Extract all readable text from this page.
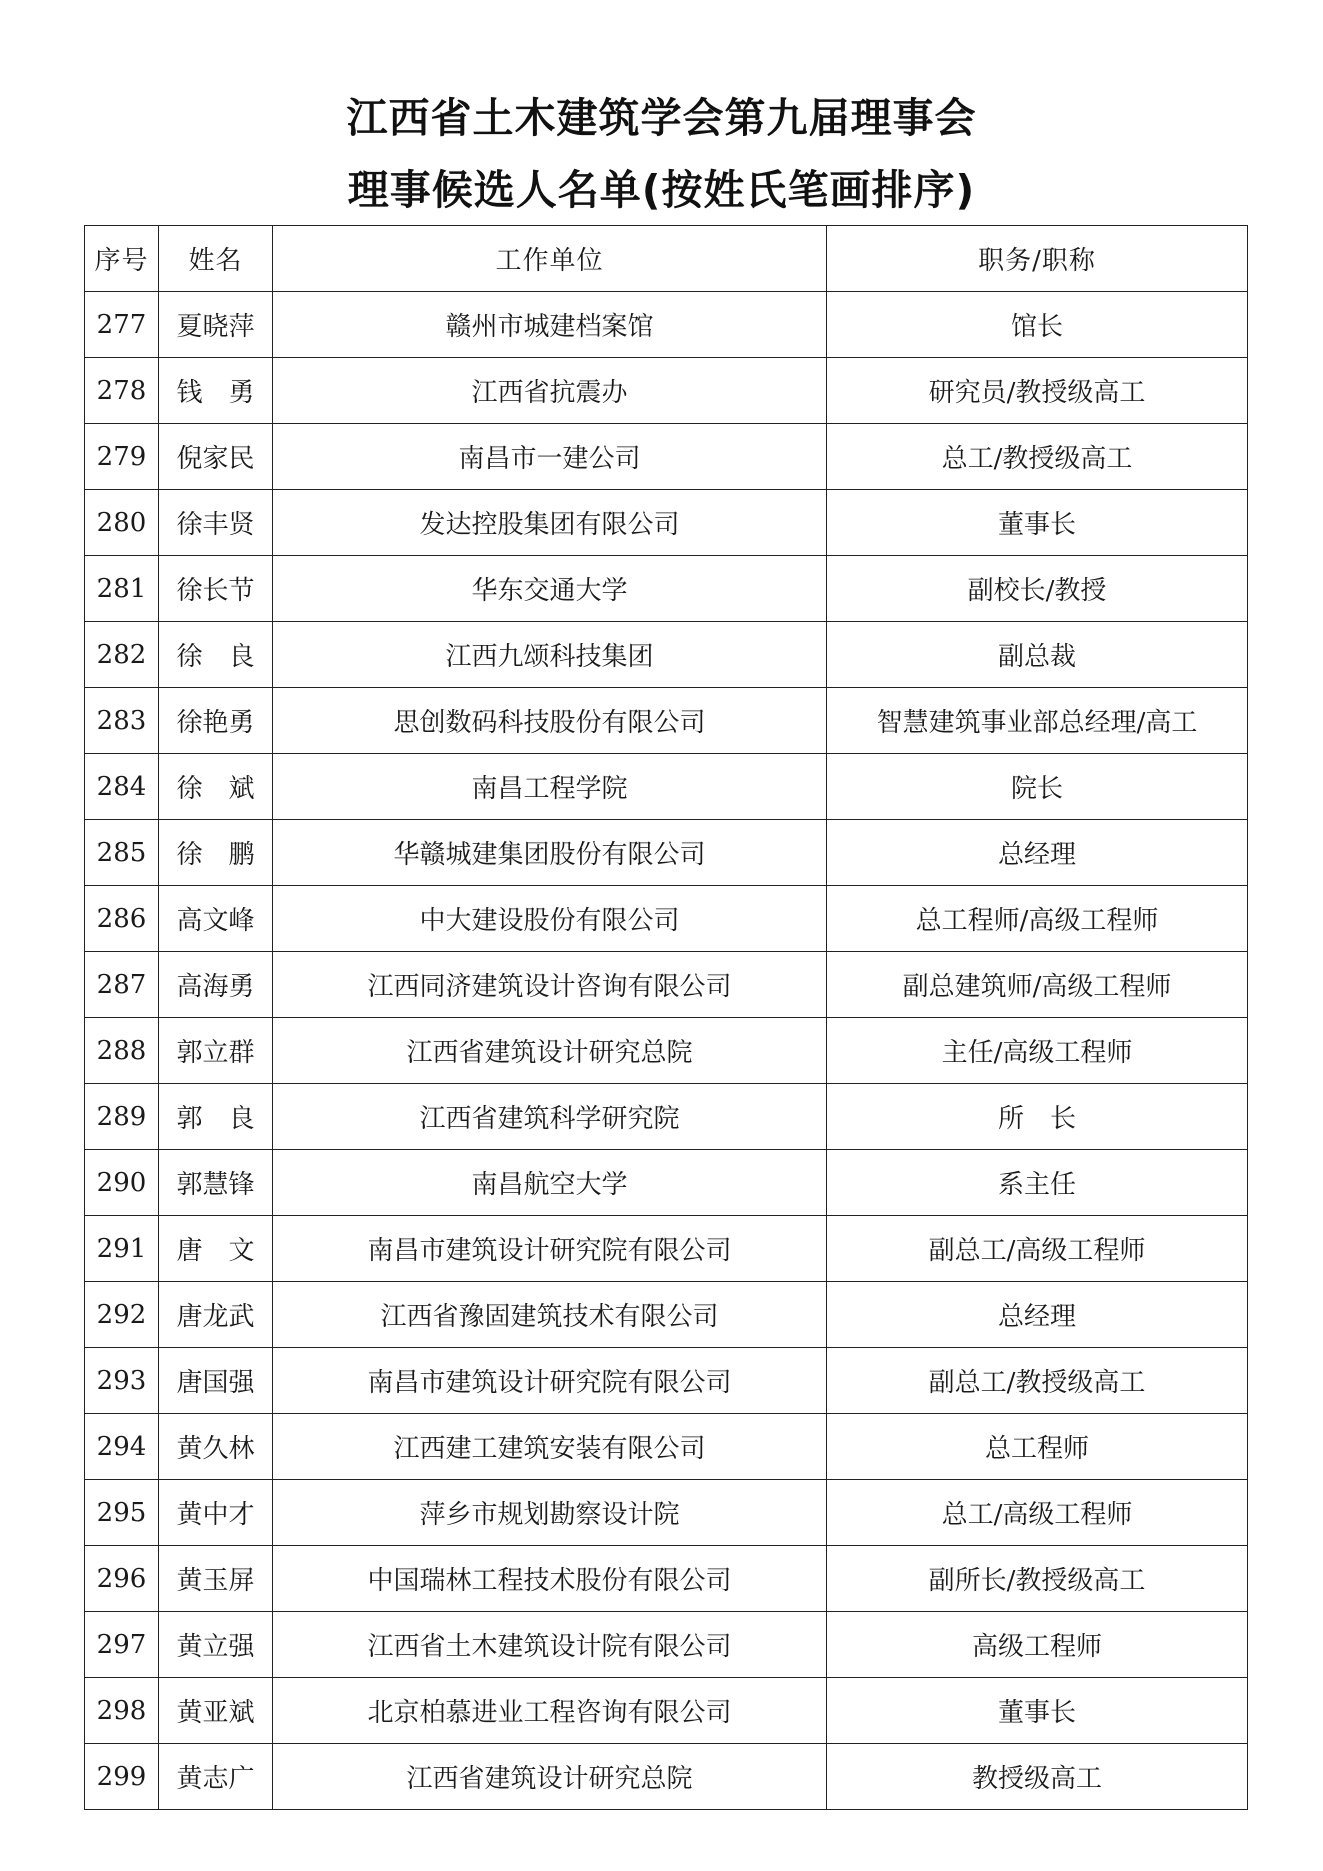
江西省土木建筑学会第九届理事会
理事候选人名单(按姓氏笔画排序)
序号	姓名	工作单位	职务/职称
277	夏晓萍	赣州市城建档案馆	馆长
278	钱　勇	江西省抗震办	研究员/教授级高工
279	倪家民	南昌市一建公司	总工/教授级高工
280	徐丰贤	发达控股集团有限公司	董事长
281	徐长节	华东交通大学	副校长/教授
282	徐　良	江西九颂科技集团	副总裁
283	徐艳勇	思创数码科技股份有限公司	智慧建筑事业部总经理/高工
284	徐　斌	南昌工程学院	院长
285	徐　鹏	华赣城建集团股份有限公司	总经理
286	高文峰	中大建设股份有限公司	总工程师/高级工程师
287	高海勇	江西同济建筑设计咨询有限公司	副总建筑师/高级工程师
288	郭立群	江西省建筑设计研究总院	主任/高级工程师
289	郭　良	江西省建筑科学研究院	所　长
290	郭慧锋	南昌航空大学	系主任
291	唐　文	南昌市建筑设计研究院有限公司	副总工/高级工程师
292	唐龙武	江西省豫固建筑技术有限公司	总经理
293	唐国强	南昌市建筑设计研究院有限公司	副总工/教授级高工
294	黄久林	江西建工建筑安装有限公司	总工程师
295	黄中才	萍乡市规划勘察设计院	总工/高级工程师
296	黄玉屏	中国瑞林工程技术股份有限公司	副所长/教授级高工
297	黄立强	江西省土木建筑设计院有限公司	高级工程师
298	黄亚斌	北京柏慕进业工程咨询有限公司	董事长
299	黄志广	江西省建筑设计研究总院	教授级高工
